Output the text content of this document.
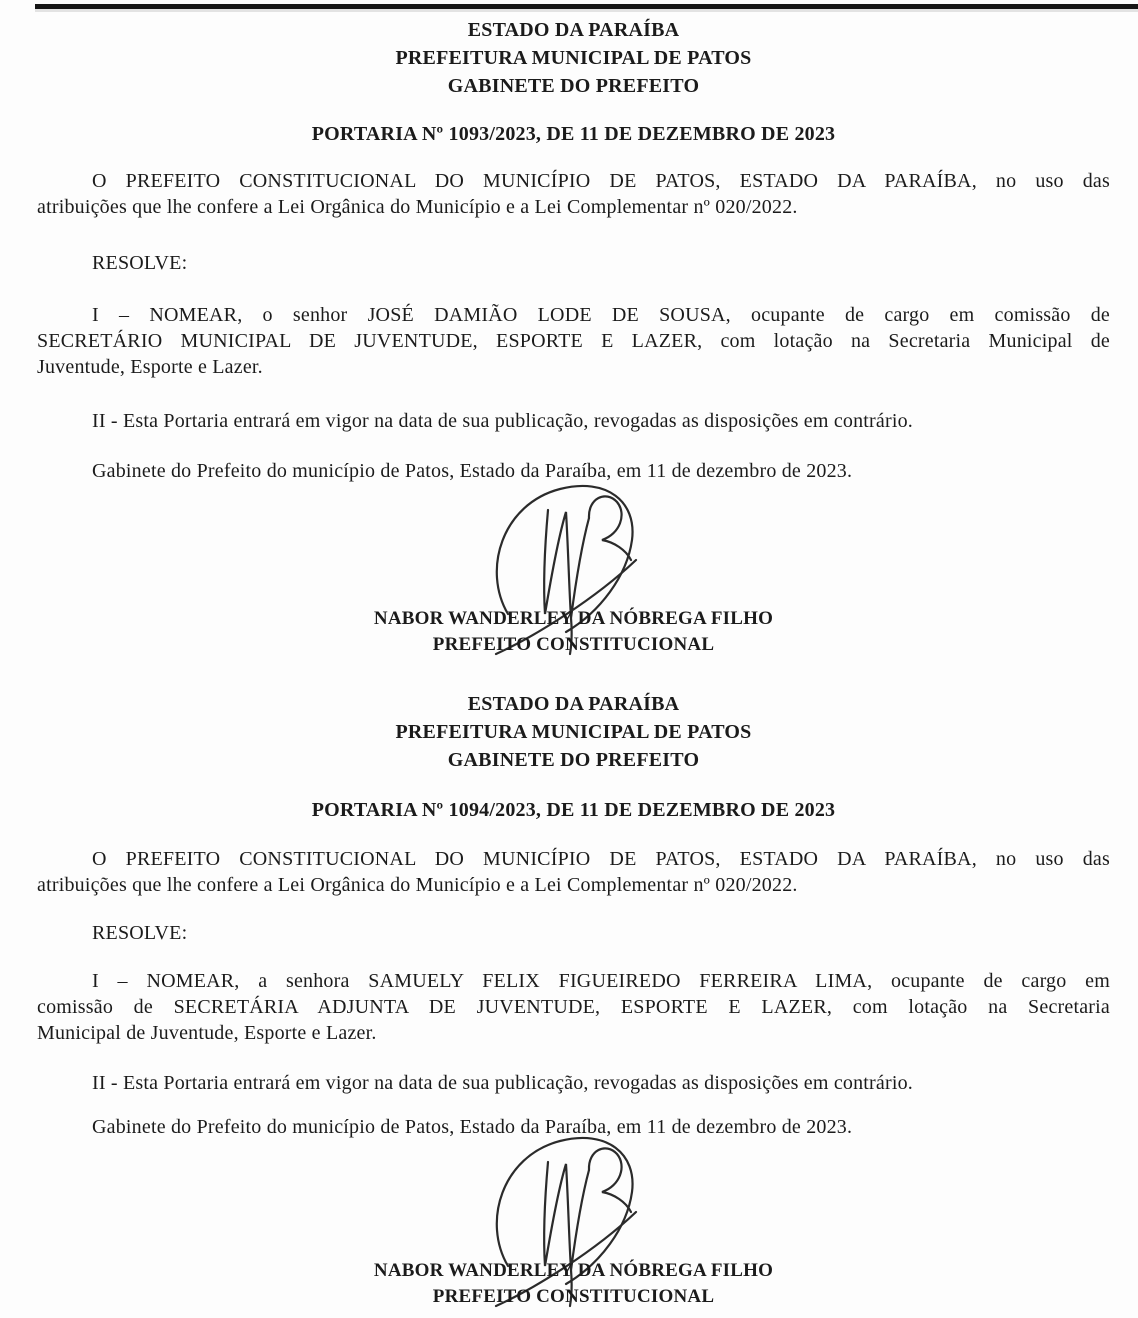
ESTADO DA PARAÍBA
PREFEITURA MUNICIPAL DE PATOS
GABINETE DO PREFEITO
PORTARIA Nº 1093/2023, DE 11 DE DEZEMBRO DE 2023

O PREFEITO CONSTITUCIONAL DO MUNICÍPIO DE PATOS, ESTADO DA PARAÍBA, no uso das
atribuições que lhe confere a Lei Orgânica do Município e a Lei Complementar nº 020/2022.

RESOLVE:

I – NOMEAR, o senhor JOSÉ DAMIÃO LODE DE SOUSA, ocupante de cargo em comissão de
SECRETÁRIO MUNICIPAL DE JUVENTUDE, ESPORTE E LAZER, com lotação na Secretaria Municipal de
Juventude, Esporte e Lazer.

II - Esta Portaria entrará em vigor na data de sua publicação, revogadas as disposições em contrário.

Gabinete do Prefeito do município de Patos, Estado da Paraíba, em 11 de dezembro de 2023.

NABOR WANDERLEY DA NÓBREGA FILHO
PREFEITO CONSTITUCIONAL
ESTADO DA PARAÍBA
PREFEITURA MUNICIPAL DE PATOS
GABINETE DO PREFEITO
PORTARIA Nº 1094/2023, DE 11 DE DEZEMBRO DE 2023

O PREFEITO CONSTITUCIONAL DO MUNICÍPIO DE PATOS, ESTADO DA PARAÍBA, no uso das
atribuições que lhe confere a Lei Orgânica do Município e a Lei Complementar nº 020/2022.

RESOLVE:

I – NOMEAR, a senhora SAMUELY FELIX FIGUEIREDO FERREIRA LIMA, ocupante de cargo em
comissão de SECRETÁRIA ADJUNTA DE JUVENTUDE, ESPORTE E LAZER, com lotação na Secretaria
Municipal de Juventude, Esporte e Lazer.

II - Esta Portaria entrará em vigor na data de sua publicação, revogadas as disposições em contrário.

Gabinete do Prefeito do município de Patos, Estado da Paraíba, em 11 de dezembro de 2023.

NABOR WANDERLEY DA NÓBREGA FILHO
PREFEITO CONSTITUCIONAL
